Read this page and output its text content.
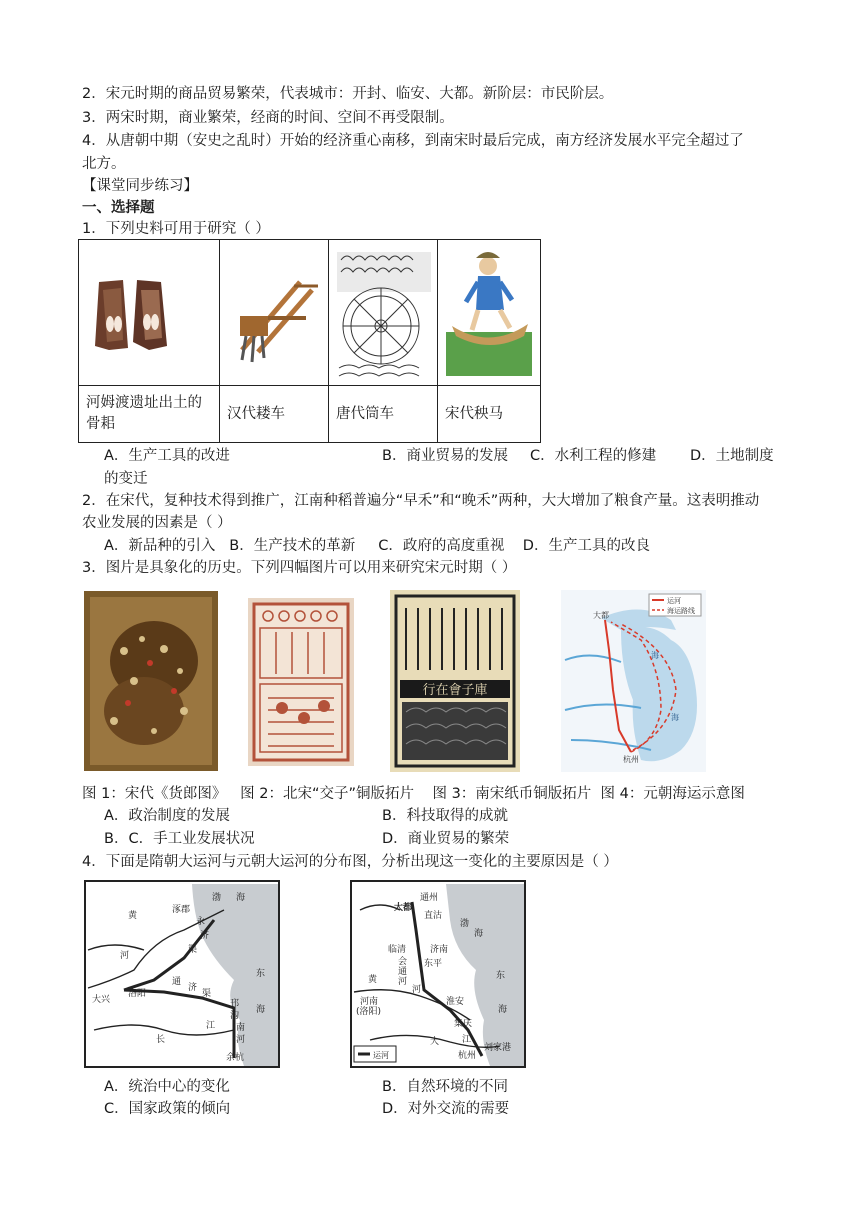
2．宋元时期的商品贸易繁荣，代表城市：开封、临安、大都。新阶层：市民阶层。
3．两宋时期，商业繁荣，经商的时间、空间不再受限制。
4．从唐朝中期（安史之乱时）开始的经济重心南移，到南宋时最后完成，南方经济发展水平完全超过了
北方。
【课堂同步练习】
一、选择题
1．下列史料可用于研究（ ）

河姆渡遗址出土的
骨耜	汉代耧车	唐代筒车	宋代秧马
A．生产工具的改进	B．商业贸易的发展 C．水利工程的修建 D．土地制度
的变迁
2．在宋代，复种技术得到推广，江南种稻普遍分“早禾”和“晚禾”两种，大大增加了粮食产量。这表明推动
农业发展的因素是（ ）
A．新品种的引入   B．生产技术的革新     C．政府的高度重视    D．生产工具的改良
3．图片是具象化的历史。下列四幅图片可以用来研究宋元时期（ ）
行在會子庫
运河
海运路线
大都
海
海
杭州
图 1：宋代《货郎图》   图 2：北宋“交子”铜版拓片    图 3：南宋纸币铜版拓片  图 4：元朝海运示意图
A．政治制度的发展	B．科技取得的成就
B．C．手工业发展状况	D．商业贸易的繁荣
4．下面是隋朝大运河与元朝大运河的分布图，分析出现这一变化的主要原因是（ ）
涿郡
永
济
渠
黄
河
通
济
渠
渤 海
东
海
大兴
洛阳
邗
沟
江 南
河
长
余杭
大都
通州
直沽
临清	济南
会
通
河
东平
黄
河
河南
(洛阳)
渤
海
东
海
淮安
集庆
大	江
杭州
刘家港
运河
A．统治中心的变化	B．自然环境的不同
C．国家政策的倾向	D．对外交流的需要
